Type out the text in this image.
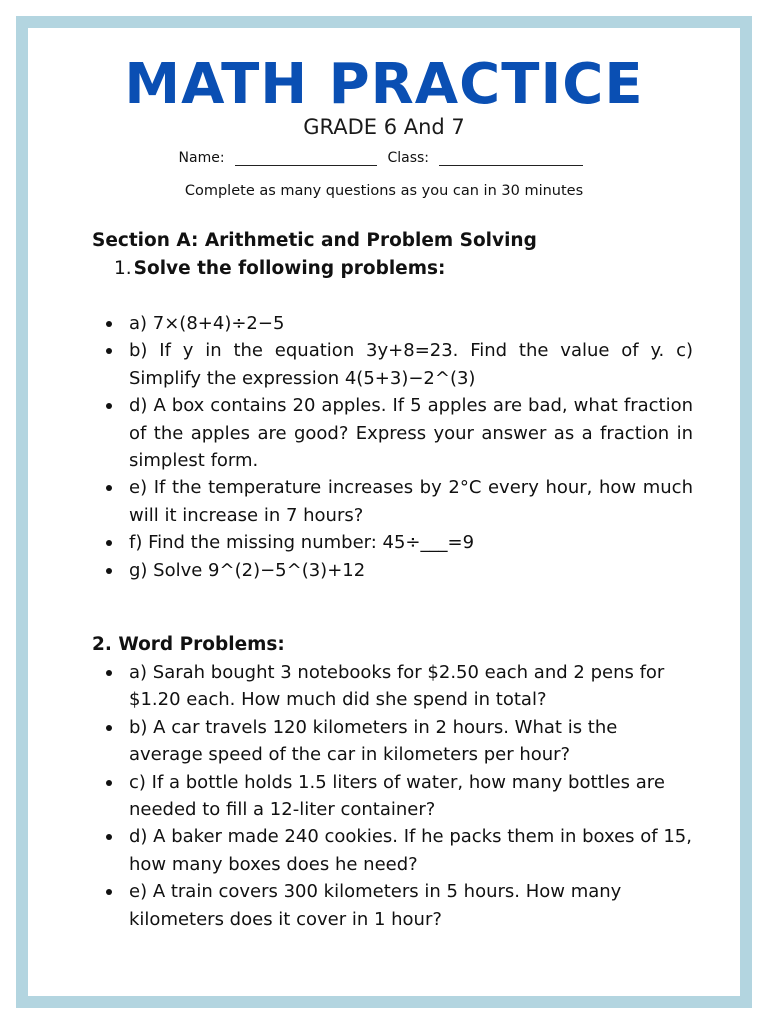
MATH PRACTICE
GRADE 6 And 7
Name:	Class:
Complete as many questions as you can in 30 minutes
Section A: Arithmetic and Problem Solving
1. Solve the following problems:
a) 7×(8+4)÷2−5
b) If y in the equation 3y+8=23. Find the value of y. c) Simplify the expression 4(5+3)−2^(3)
d) A box contains 20 apples. If 5 apples are bad, what fraction of the apples are good? Express your answer as a fraction in simplest form.
e) If the temperature increases by 2°C every hour, how much will it increase in 7 hours?
f) Find the missing number: 45÷___=9
g) Solve 9^(2)−5^(3)+12
2. Word Problems:
a) Sarah bought 3 notebooks for $2.50 each and 2 pens for $1.20 each. How much did she spend in total?
b) A car travels 120 kilometers in 2 hours. What is the average speed of the car in kilometers per hour?
c) If a bottle holds 1.5 liters of water, how many bottles are needed to fill a 12-liter container?
d) A baker made 240 cookies. If he packs them in boxes of 15, how many boxes does he need?
e) A train covers 300 kilometers in 5 hours. How many kilometers does it cover in 1 hour?
